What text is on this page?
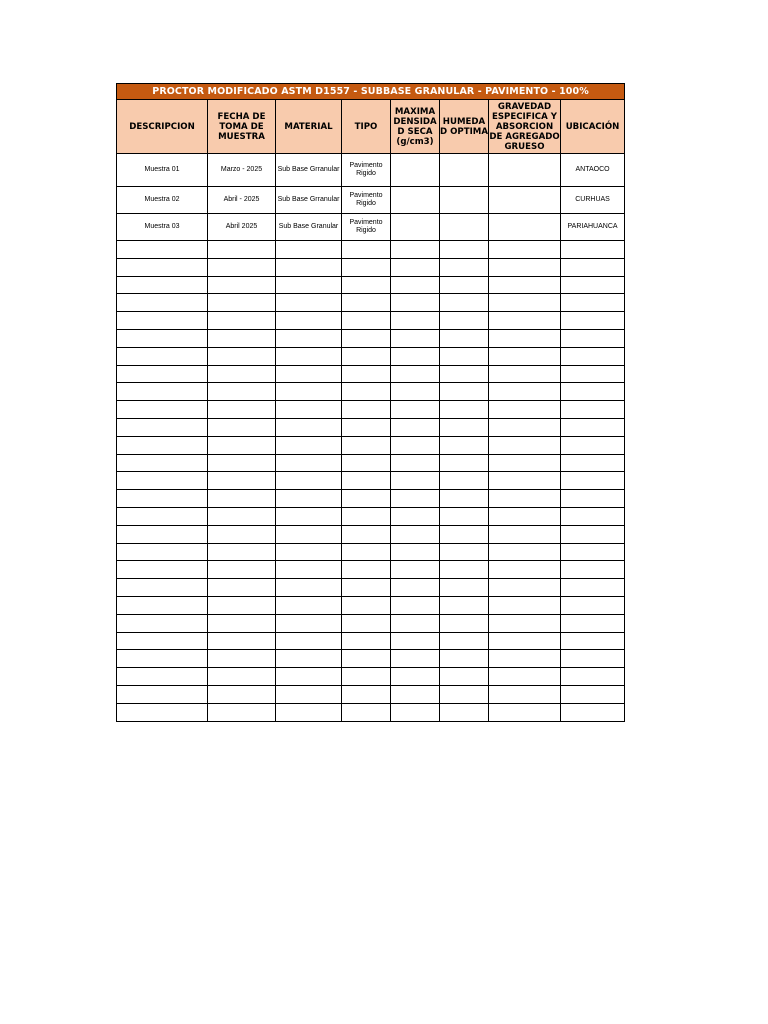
PROCTOR MODIFICADO ASTM D1557 - SUBBASE GRANULAR - PAVIMENTO - 100%							
DESCRIPCION	FECHA DE TOMA DE MUESTRA	MATERIAL	TIPO	MAXIMA DENSIDA D SECA (g/cm3)	HUMEDA D OPTIMA	GRAVEDAD ESPECIFICA Y ABSORCION DE AGREGADO GRUESO	UBICACIÓN
Muestra 01	Marzo - 2025	Sub Base Grranular	Pavimento Rigido				ANTAOCO
Muestra 02	Abril - 2025	Sub Base Grranular	Pavimento Rigido				CURHUAS
Muestra 03	Abril 2025	Sub Base Granular	Pavimento Rigido				PARIAHUANCA
